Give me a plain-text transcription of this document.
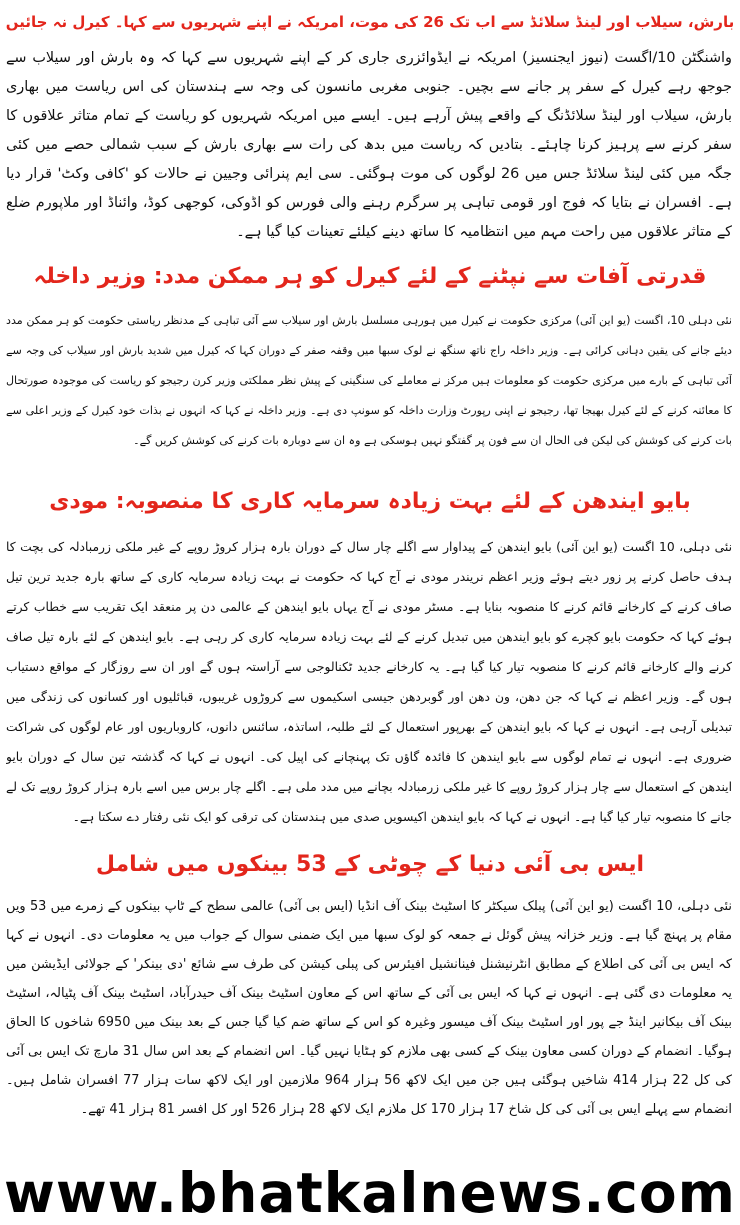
بارش، سیلاب اور لینڈ سلائڈ سے اب تک 26 کی موت، امریکہ نے اپنے شہریوں سے کہا۔ کیرل نہ جائیں
واشنگٹن 10/اگست (نیوز ایجنسیز) امریکہ نے ایڈوائزری جاری کر کے اپنے شہریوں سے کہا کہ وہ بارش اور سیلاب سے جوجھ رہے کیرل کے سفر پر جانے سے بچیں۔ جنوبی مغربی مانسون کی وجہ سے ہندستان کی اس ریاست میں بھاری بارش، سیلاب اور لینڈ سلائڈنگ کے واقعے پیش آرہے ہیں۔ ایسے میں امریکہ شہریوں کو ریاست کے تمام متاثر علاقوں کا سفر کرنے سے پرہیز کرنا چاہئے۔ بتادیں کہ ریاست میں بدھ کی رات سے بھاری بارش کے سبب شمالی حصے میں کئی جگہ میں کئی لینڈ سلائڈ جس میں 26 لوگوں کی موت ہوگئی۔ سی ایم پنرائی وجیین نے حالات کو 'کافی وکٹ' قرار دیا ہے۔ افسران نے بتایا کہ فوج اور قومی تباہی پر سرگرم رہنے والی فورس کو اڈوکی، کوجھی کوڈ، وائناڈ اور ملاپورم ضلع کے متاثر علاقوں میں راحت مہم میں انتظامیہ کا ساتھ دینے کیلئے تعینات کیا گیا ہے۔
قدرتی آفات سے نپٹنے کے لئے کیرل کو ہر ممکن مدد: وزیر داخلہ
نئی دہلی 10، اگست (یو این آئی) مرکزی حکومت نے کیرل میں ہورہی مسلسل بارش اور سیلاب سے آئی تباہی کے مدنظر ریاستی حکومت کو ہر ممکن مدد دیئے جانے کی یقین دہانی کرائی ہے۔ وزیر داخلہ راج ناتھ سنگھ نے لوک سبھا میں وقفہ صفر کے دوران کہا کہ کیرل میں شدید بارش اور سیلاب کی وجہ سے آئی تباہی کے بارے میں مرکزی حکومت کو معلومات ہیں مرکز نے معاملے کی سنگینی کے پیش نظر مملکتی وزیر کرن رجیجو کو ریاست کی موجودہ صورتحال کا معائنہ کرنے کے لئے کیرل بھیجا تھا، رجیجو نے اپنی رپورٹ وزارت داخلہ کو سونپ دی ہے۔ وزیر داخلہ نے کہا کہ انہوں نے بذات خود کیرل کے وزیر اعلی سے بات کرنے کی کوشش کی لیکن فی الحال ان سے فون پر گفتگو نہیں ہوسکی ہے وہ ان سے دوبارہ بات کرنے کی کوشش کریں گے۔
بایو ایندھن کے لئے بہت زیادہ سرمایہ کاری کا منصوبہ: مودی
نئی دہلی، 10 اگست (یو این آئی) بایو ایندھن کے پیداوار سے اگلے چار سال کے دوران بارہ ہزار کروڑ روپے کے غیر ملکی زرمبادلہ کی بچت کا ہدف حاصل کرنے پر زور دیتے ہوئے وزیر اعظم نریندر مودی نے آج کہا کہ حکومت نے بہت زیادہ سرمایہ کاری کے ساتھ بارہ جدید ترین تیل صاف کرنے کے کارخانے قائم کرنے کا منصوبہ بنایا ہے۔ مسٹر مودی نے آج یہاں بایو ایندھن کے عالمی دن پر منعقد ایک تقریب سے خطاب کرتے ہوئے کہا کہ حکومت بایو کچرے کو بایو ایندھن میں تبدیل کرنے کے لئے بہت زیادہ سرمایہ کاری کر رہی ہے۔ بایو ایندھن کے لئے بارہ تیل صاف کرنے والے کارخانے قائم کرنے کا منصوبہ تیار کیا گیا ہے۔ یہ کارخانے جدید ٹکنالوجی سے آراستہ ہوں گے اور ان سے روزگار کے مواقع دستیاب ہوں گے۔ وزیر اعظم نے کہا کہ جن دھن، ون دھن اور گوبردھن جیسی اسکیموں سے کروڑوں غریبوں، قبائلیوں اور کسانوں کی زندگی میں تبدیلی آرہی ہے۔ انہوں نے کہا کہ بایو ایندھن کے بھرپور استعمال کے لئے طلبہ، اساتذہ، سائنس دانوں، کاروباریوں اور عام لوگوں کی شراکت ضروری ہے۔ انہوں نے تمام لوگوں سے بایو ایندھن کا فائدہ گاؤں تک پہنچانے کی اپیل کی۔ انہوں نے کہا کہ گذشتہ تین سال کے دوران بایو ایندھن کے استعمال سے چار ہزار کروڑ روپے کا غیر ملکی زرمبادلہ بچانے میں مدد ملی ہے۔ اگلے چار برس میں اسے بارہ ہزار کروڑ روپے تک لے جانے کا منصوبہ تیار کیا گیا ہے۔ انہوں نے کہا کہ بایو ایندھن اکیسویں صدی میں ہندستان کی ترقی کو ایک نئی رفتار دے سکتا ہے۔
ایس بی آئی دنیا کے چوٹی کے 53 بینکوں میں شامل
نئی دہلی، 10 اگست (یو این آئی) پبلک سیکٹر کا اسٹیٹ بینک آف انڈیا (ایس بی آئی) عالمی سطح کے ٹاپ بینکوں کے زمرے میں 53 ویں مقام پر پہنچ گیا ہے۔ وزیر خزانہ پیش گوئل نے جمعہ کو لوک سبھا میں ایک ضمنی سوال کے جواب میں یہ معلومات دی۔ انہوں نے کہا کہ ایس بی آئی کی اطلاع کے مطابق انٹرنیشنل فینانشیل افیئرس کی پبلی کیشن کی طرف سے شائع 'دی بینکر' کے جولائی ایڈیشن میں یہ معلومات دی گئی ہے۔ انہوں نے کہا کہ ایس بی آئی کے ساتھ اس کے معاون اسٹیٹ بینک آف حیدرآباد، اسٹیٹ بینک آف پٹیالہ، اسٹیٹ بینک آف بیکانیر اینڈ جے پور اور اسٹیٹ بینک آف میسور وغیرہ کو اس کے ساتھ ضم کیا گیا جس کے بعد بینک میں 6950 شاخوں کا الحاق ہوگیا۔ انضمام کے دوران کسی معاون بینک کے کسی بھی ملازم کو ہٹایا نہیں گیا۔ اس انضمام کے بعد اس سال 31 مارچ تک ایس بی آئی کی کل 22 ہزار 414 شاخیں ہوگئی ہیں جن میں ایک لاکھ 56 ہزار 964 ملازمین اور ایک لاکھ سات ہزار 77 افسران شامل ہیں۔ انضمام سے پہلے ایس بی آئی کی کل شاخ 17 ہزار 170 کل ملازم ایک لاکھ 28 ہزار 526 اور کل افسر 81 ہزار 41 تھے۔
www.bhatkalnews.com
